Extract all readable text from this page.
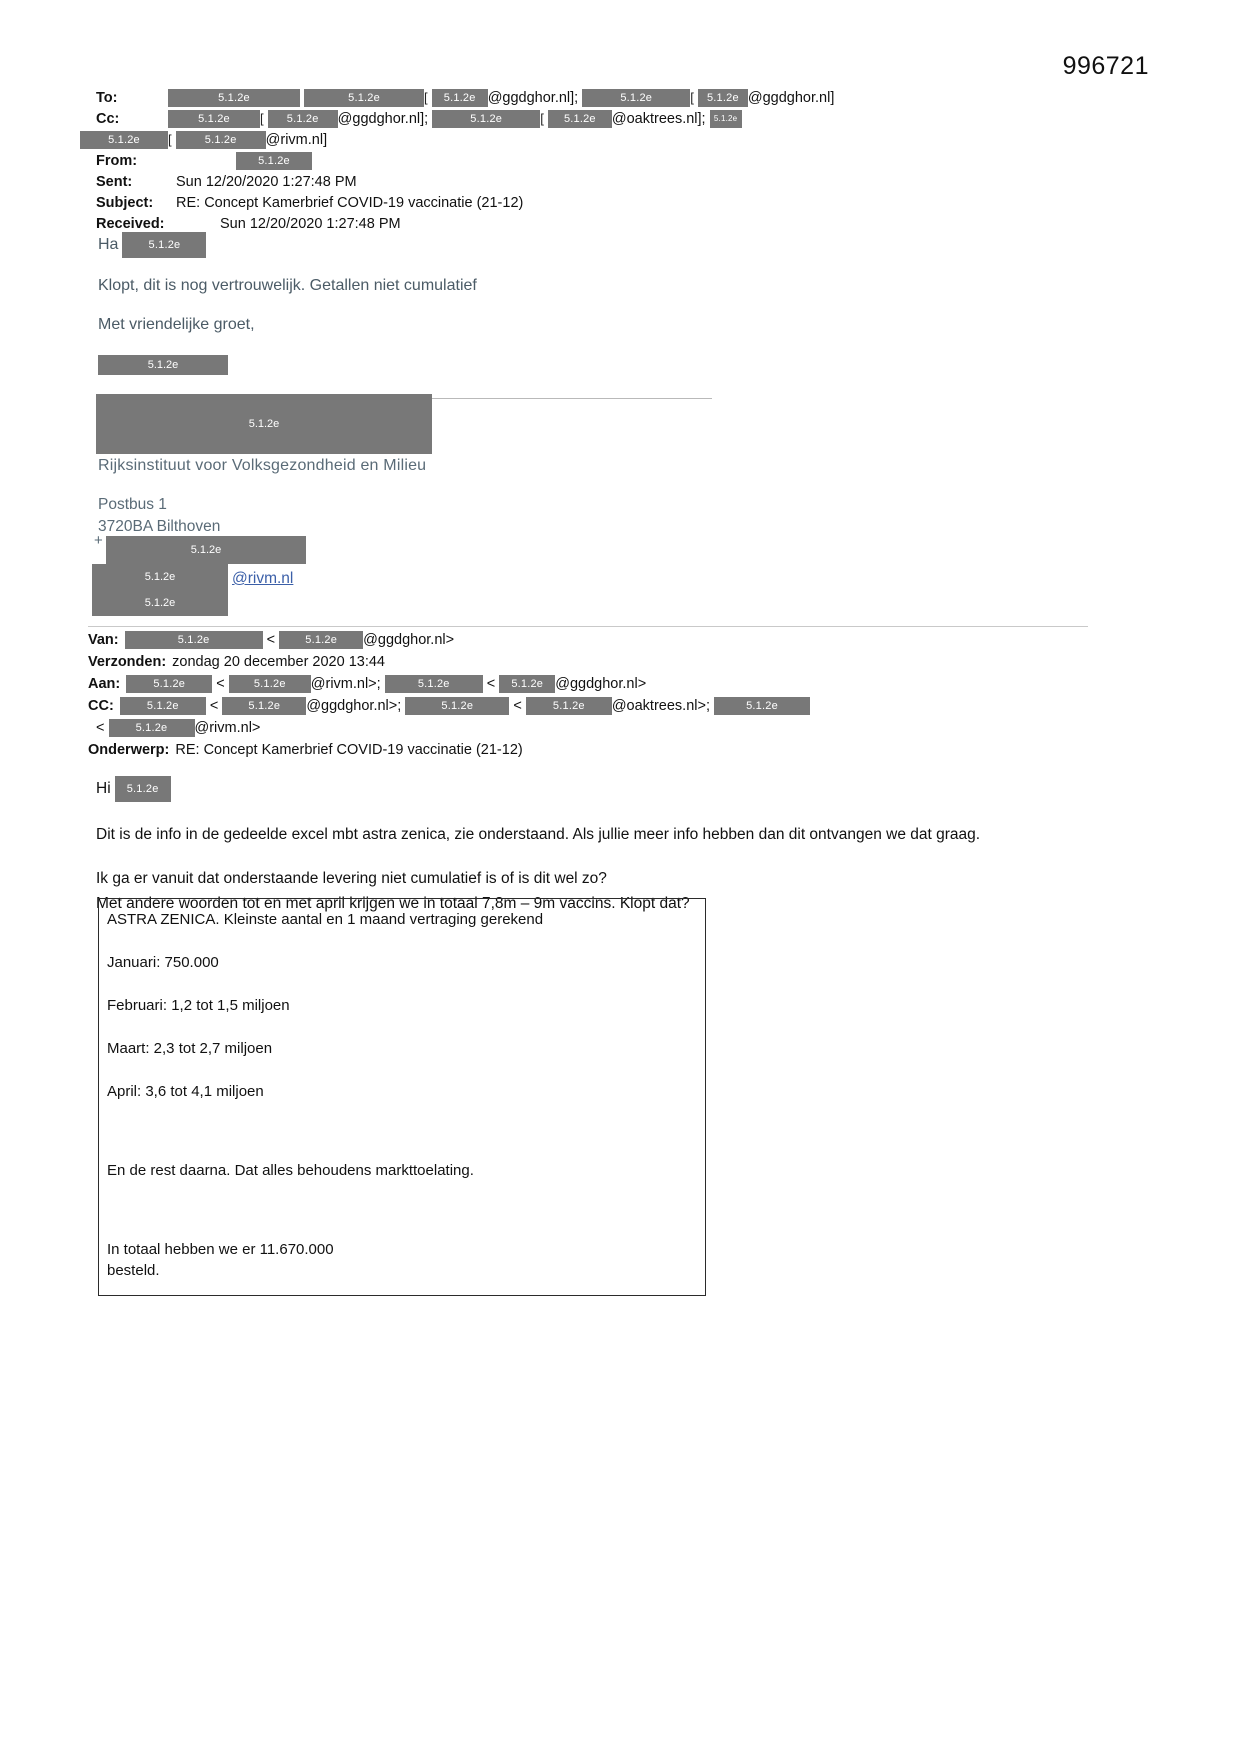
996721
To:	5.1.2e	5.1.2e	[ 5.1.2e @ggdghor.nl];	5.1.2e	[ 5.1.2e @ggdghor.nl]
Cc:	5.1.2e [ 5.1.2e @ggdghor.nl];	5.1.2e	[ 5.1.2e @oaktrees.nl]; 5.1.2e
5.1.2e [	5.1.2e @rivm.nl]
From:	5.1.2e
Sent:	Sun 12/20/2020 1:27:48 PM
Subject:	RE: Concept Kamerbrief COVID-19 vaccinatie (21-12)
Received:	Sun 12/20/2020 1:27:48 PM
Ha	5.1.2e
Klopt, dit is nog vertrouwelijk. Getallen niet cumulatief
Met vriendelijke groet,
5.1.2e
5.1.2e
Rijksinstituut voor Volksgezondheid en Milieu
Postbus 1
3720BA Bilthoven
+
5.1.2e
5.1.2e
5.1.2e
@rivm.nl
Van:	5.1.2e	<	5.1.2e @ggdghor.nl>
Verzonden: zondag 20 december 2020 13:44
Aan:	5.1.2e <	5.1.2e @rivm.nl>;	5.1.2e	< 5.1.2e @ggdghor.nl>
CC:	5.1.2e <	5.1.2e @ggdghor.nl>;	5.1.2e	<	5.1.2e @oaktrees.nl>;	5.1.2e
<	5.1.2e @rivm.nl>
Onderwerp: RE: Concept Kamerbrief COVID-19 vaccinatie (21-12)

Hi 5.1.2e

Dit is de info in de gedeelde excel mbt astra zenica, zie onderstaand. Als jullie meer info hebben dan dit ontvangen we dat graag.

Ik ga er vanuit dat onderstaande levering niet cumulatief is of is dit wel zo?

Met andere woorden tot en met april krijgen we in totaal 7,8m – 9m vaccins. Klopt dat?

ASTRA ZENICA. Kleinste aantal en 1 maand vertraging gerekend
Januari: 750.000
Februari: 1,2 tot 1,5 miljoen
Maart: 2,3 tot 2,7 miljoen
April: 3,6 tot 4,1 miljoen
En de rest daarna. Dat alles behoudens markttoelating.
In totaal hebben we er 11.670.000
besteld.
